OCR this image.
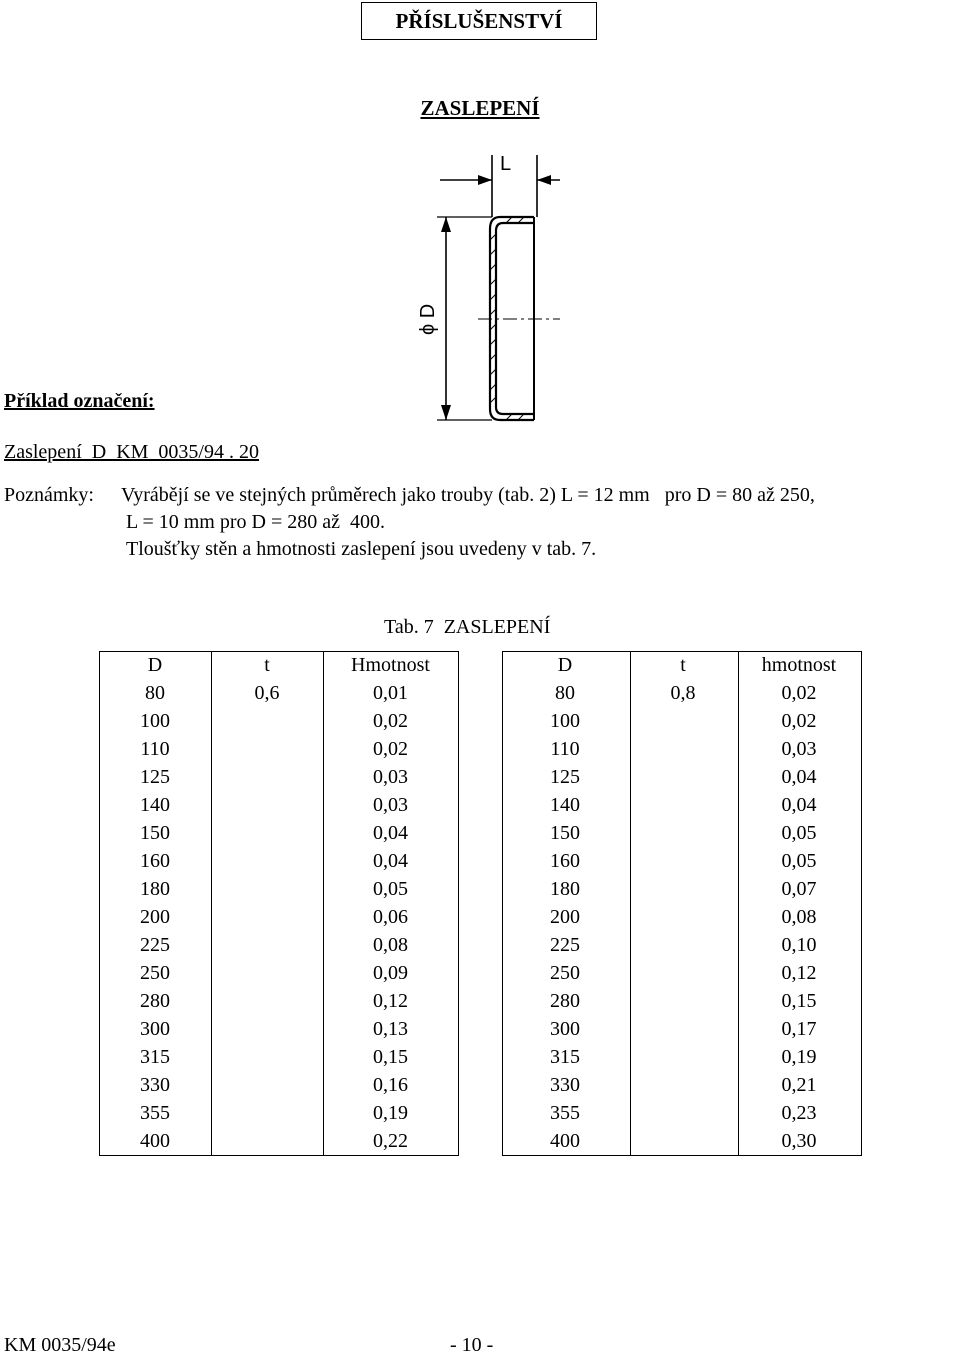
PŘÍSLUŠENSTVÍ
ZASLEPENÍ
L
ϕ D
Příklad označení:
Zaslepení  D  KM  0035/94 . 20
Poznámky: Vyrábějí se ve stejných průměrech jako trouby (tab. 2) L = 12 mm   pro D = 80 až 250,
L = 10 mm pro D = 280 až  400.
Tloušťky stěn a hmotnosti zaslepení jsou uvedeny v tab. 7.
Tab. 7  ZASLEPENÍ
D	t	Hmotnost		D	t	hmotnost
80	0,6	0,01		80	0,8	0,02
100		0,02		100		0,02
110		0,02		110		0,03
125		0,03		125		0,04
140		0,03		140		0,04
150		0,04		150		0,05
160		0,04		160		0,05
180		0,05		180		0,07
200		0,06		200		0,08
225		0,08		225		0,10
250		0,09		250		0,12
280		0,12		280		0,15
300		0,13		300		0,17
315		0,15		315		0,19
330		0,16		330		0,21
355		0,19		355		0,23
400		0,22		400		0,30
KM 0035/94e	- 10 -
